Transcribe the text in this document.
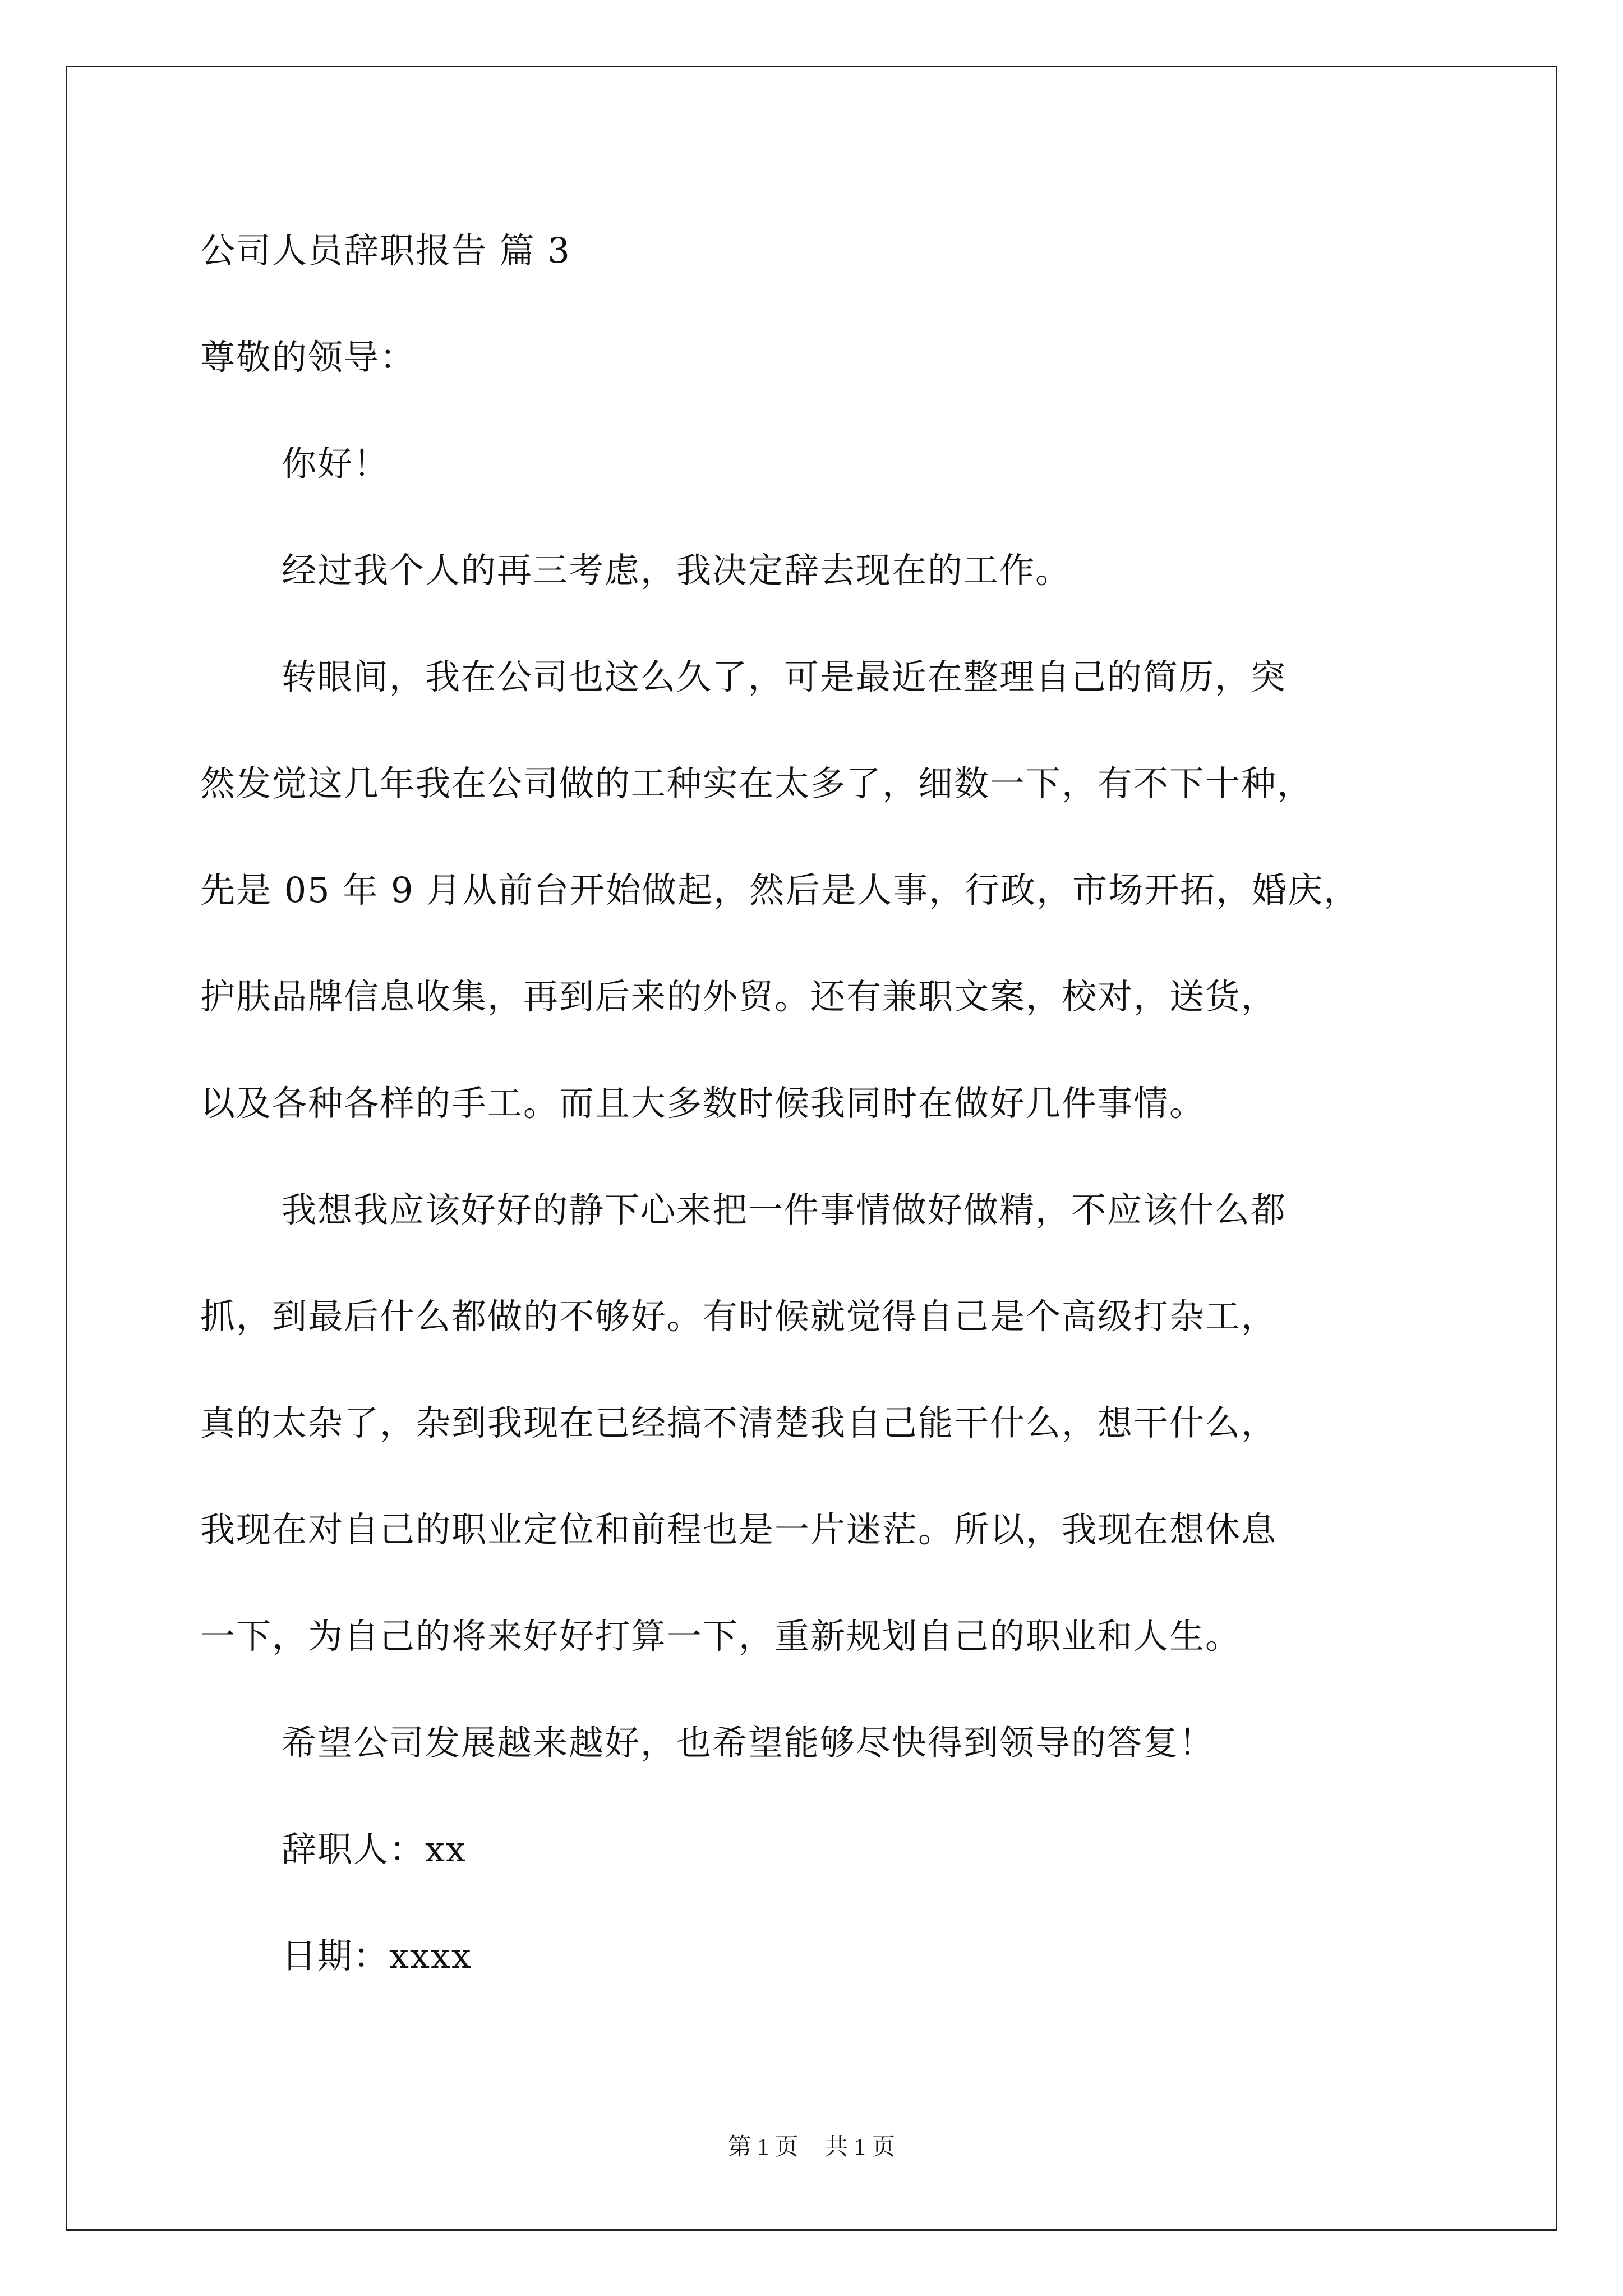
公司人员辞职报告 篇 3
尊敬的领导：
你好！
经过我个人的再三考虑，我决定辞去现在的工作。
转眼间，我在公司也这么久了，可是最近在整理自己的简历，突
然发觉这几年我在公司做的工种实在太多了，细数一下，有不下十种，
先是 05 年 9 月从前台开始做起，然后是人事，行政，市场开拓，婚庆，
护肤品牌信息收集，再到后来的外贸。还有兼职文案，校对，送货，
以及各种各样的手工。而且大多数时候我同时在做好几件事情。
我想我应该好好的静下心来把一件事情做好做精，不应该什么都
抓，到最后什么都做的不够好。有时候就觉得自己是个高级打杂工，
真的太杂了，杂到我现在已经搞不清楚我自己能干什么，想干什么，
我现在对自己的职业定位和前程也是一片迷茫。所以，我现在想休息
一下，为自己的将来好好打算一下，重新规划自己的职业和人生。
希望公司发展越来越好，也希望能够尽快得到领导的答复！
辞职人：xx
日期：xxxx
第 1 页 共 1 页
